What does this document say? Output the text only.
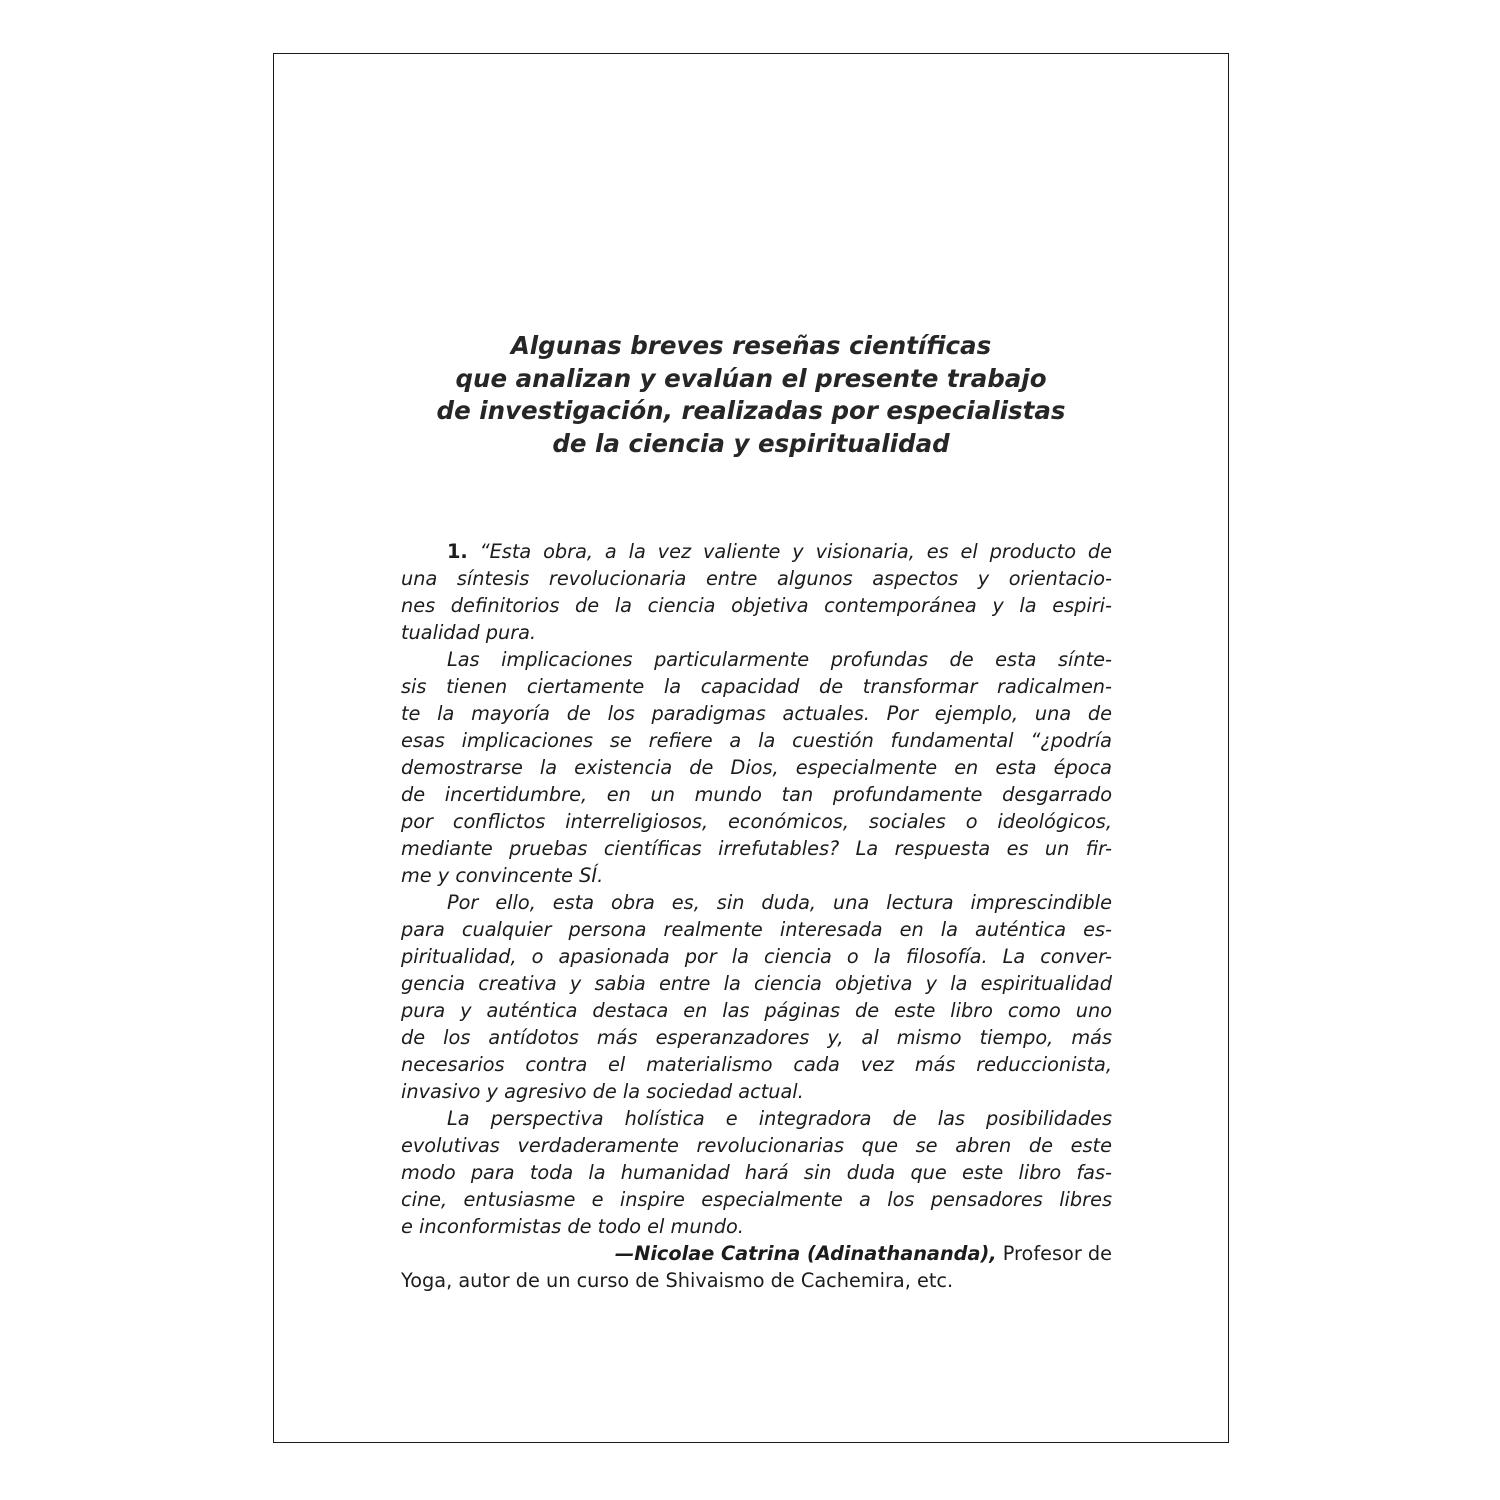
Algunas breves reseñas científicas
que analizan y evalúan el presente trabajo
de investigación, realizadas por especialistas
de la ciencia y espiritualidad
1. “Esta obra, a la vez valiente y visionaria, es el producto de
una síntesis revolucionaria entre algunos aspectos y orientacio-
nes definitorios de la ciencia objetiva contemporánea y la espiri-
tualidad pura.
Las implicaciones particularmente profundas de esta sínte-
sis tienen ciertamente la capacidad de transformar radicalmen-
te la mayoría de los paradigmas actuales. Por ejemplo, una de
esas implicaciones se refiere a la cuestión fundamental “¿podría
demostrarse la existencia de Dios, especialmente en esta época
de incertidumbre, en un mundo tan profundamente desgarrado
por conflictos interreligiosos, económicos, sociales o ideológicos,
mediante pruebas científicas irrefutables? La respuesta es un fir-
me y convincente SÍ.
Por ello, esta obra es, sin duda, una lectura imprescindible
para cualquier persona realmente interesada en la auténtica es-
piritualidad, o apasionada por la ciencia o la filosofía. La conver-
gencia creativa y sabia entre la ciencia objetiva y la espiritualidad
pura y auténtica destaca en las páginas de este libro como uno
de los antídotos más esperanzadores y, al mismo tiempo, más
necesarios contra el materialismo cada vez más reduccionista,
invasivo y agresivo de la sociedad actual.
La perspectiva holística e integradora de las posibilidades
evolutivas verdaderamente revolucionarias que se abren de este
modo para toda la humanidad hará sin duda que este libro fas-
cine, entusiasme e inspire especialmente a los pensadores libres
e inconformistas de todo el mundo.
—Nicolae Catrina (Adinathananda), Profesor de
Yoga, autor de un curso de Shivaismo de Cachemira, etc.
